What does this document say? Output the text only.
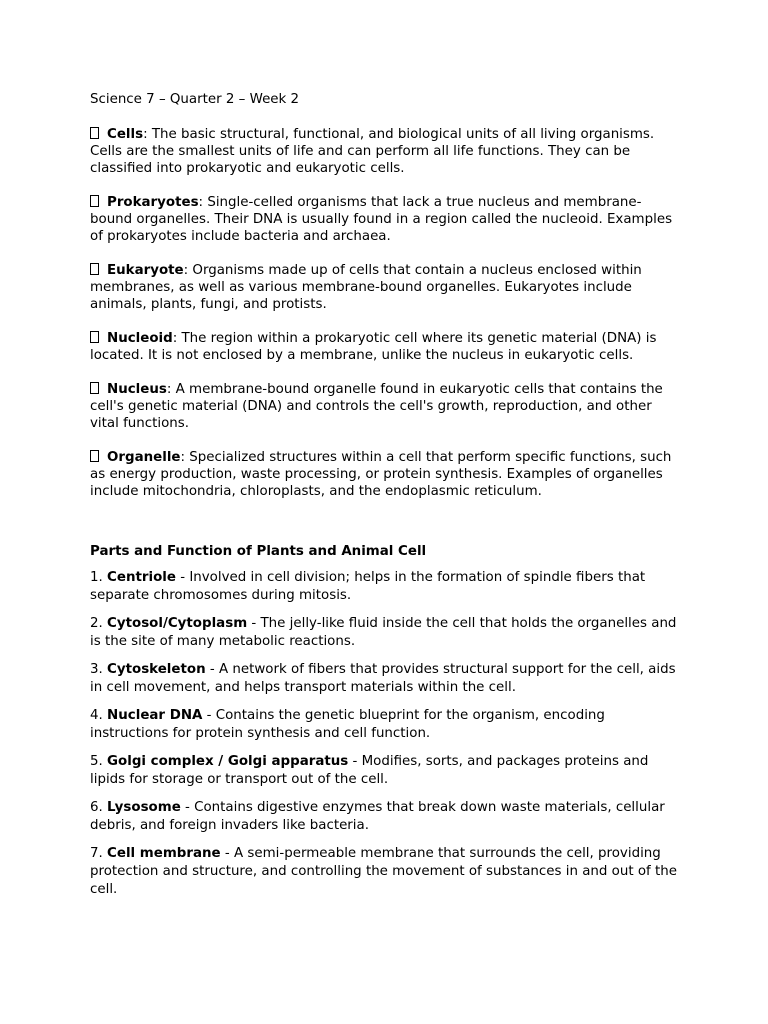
Science 7 – Quarter 2 – Week 2

Cells: The basic structural, functional, and biological units of all living organisms. Cells are the smallest units of life and can perform all life functions. They can be classified into prokaryotic and eukaryotic cells.

Prokaryotes: Single-celled organisms that lack a true nucleus and membrane-bound organelles. Their DNA is usually found in a region called the nucleoid. Examples of prokaryotes include bacteria and archaea.

Eukaryote: Organisms made up of cells that contain a nucleus enclosed within membranes, as well as various membrane-bound organelles. Eukaryotes include animals, plants, fungi, and protists.

Nucleoid: The region within a prokaryotic cell where its genetic material (DNA) is located. It is not enclosed by a membrane, unlike the nucleus in eukaryotic cells.

Nucleus: A membrane-bound organelle found in eukaryotic cells that contains the cell's genetic material (DNA) and controls the cell's growth, reproduction, and other vital functions.

Organelle: Specialized structures within a cell that perform specific functions, such as energy production, waste processing, or protein synthesis. Examples of organelles include mitochondria, chloroplasts, and the endoplasmic reticulum.

Parts and Function of Plants and Animal Cell

1. Centriole - Involved in cell division; helps in the formation of spindle fibers that separate chromosomes during mitosis.

2. Cytosol/Cytoplasm - The jelly-like fluid inside the cell that holds the organelles and is the site of many metabolic reactions.

3. Cytoskeleton - A network of fibers that provides structural support for the cell, aids in cell movement, and helps transport materials within the cell.

4. Nuclear DNA - Contains the genetic blueprint for the organism, encoding instructions for protein synthesis and cell function.

5. Golgi complex / Golgi apparatus - Modifies, sorts, and packages proteins and lipids for storage or transport out of the cell.

6. Lysosome - Contains digestive enzymes that break down waste materials, cellular debris, and foreign invaders like bacteria.

7. Cell membrane - A semi-permeable membrane that surrounds the cell, providing protection and structure, and controlling the movement of substances in and out of the cell.
